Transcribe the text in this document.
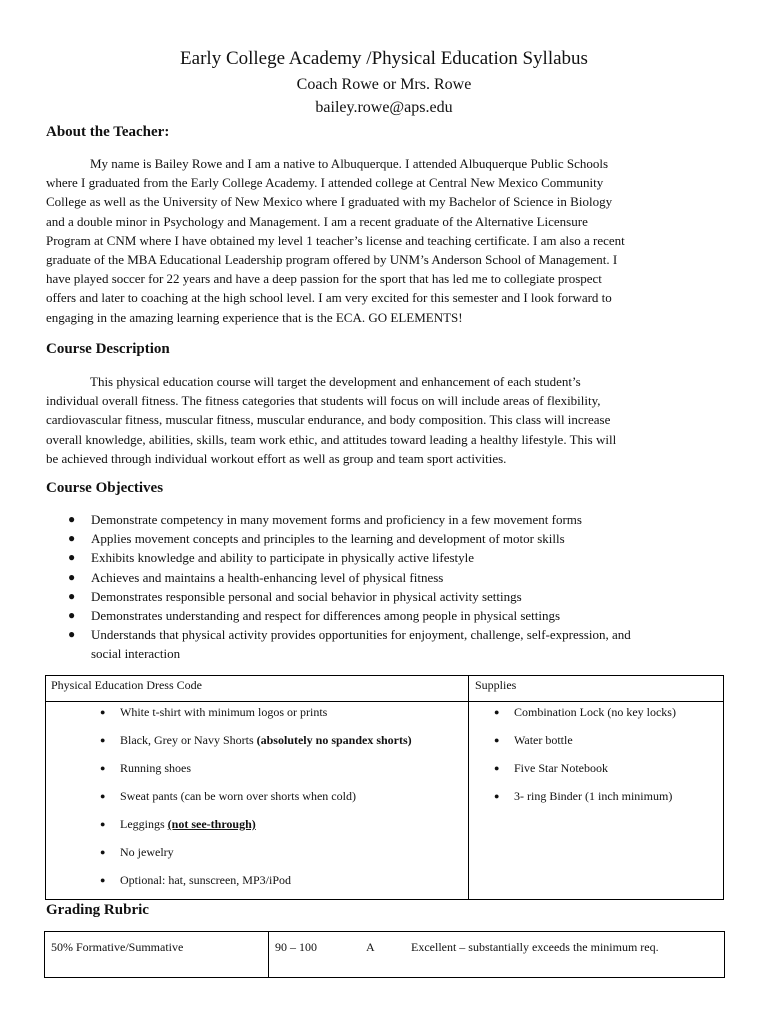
Early College Academy /Physical Education Syllabus
Coach Rowe or Mrs. Rowe
bailey.rowe@aps.edu
About the Teacher:
My name is Bailey Rowe and I am a native to Albuquerque. I attended Albuquerque Public Schools
where I graduated from the Early College Academy. I attended college at Central New Mexico Community
College as well as the University of New Mexico where I graduated with my Bachelor of Science in Biology
and a double minor in Psychology and Management. I am a recent graduate of the Alternative Licensure
Program at CNM where I have obtained my level 1 teacher’s license and teaching certificate. I am also a recent
graduate of the MBA Educational Leadership program offered by UNM’s Anderson School of Management. I
have played soccer for 22 years and have a deep passion for the sport that has led me to collegiate prospect
offers and later to coaching at the high school level. I am very excited for this semester and I look forward to
engaging in the amazing learning experience that is the ECA. GO ELEMENTS!
Course Description
This physical education course will target the development and enhancement of each student’s
individual overall fitness. The fitness categories that students will focus on will include areas of flexibility,
cardiovascular fitness, muscular fitness, muscular endurance, and body composition. This class will increase
overall knowledge, abilities, skills, team work ethic, and attitudes toward leading a healthy lifestyle. This will
be achieved through individual workout effort as well as group and team sport activities.
Course Objectives
● Demonstrate competency in many movement forms and proficiency in a few movement forms
● Applies movement concepts and principles to the learning and development of motor skills
● Exhibits knowledge and ability to participate in physically active lifestyle
● Achieves and maintains a health-enhancing level of physical fitness
● Demonstrates responsible personal and social behavior in physical activity settings
● Demonstrates understanding and respect for differences among people in physical settings
● Understands that physical activity provides opportunities for enjoyment, challenge, self-expression, and
social interaction
Physical Education Dress Code	Supplies
● White t-shirt with minimum logos or prints
● Black, Grey or Navy Shorts (absolutely no spandex shorts)
● Running shoes
● Sweat pants (can be worn over shorts when cold)
● Leggings (not see-through)
● No jewelry
● Optional: hat, sunscreen, MP3/iPod
● Combination Lock (no key locks)
● Water bottle
● Five Star Notebook
● 3- ring Binder (1 inch minimum)
Grading Rubric
50% Formative/Summative	90 – 100	A	Excellent – substantially exceeds the minimum req.
